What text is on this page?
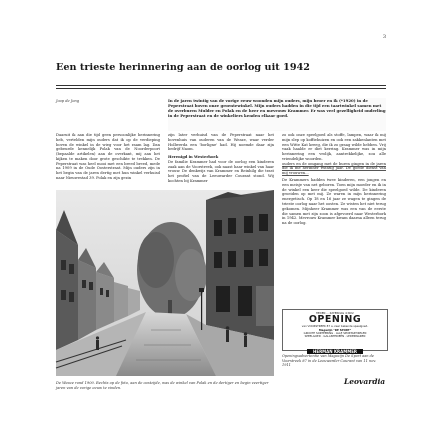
3
Een trieste herinnering aan de oorlog uit 1942
Joop de Jong	In de jaren twintig van de vorige eeuw woonden mijn ouders, mijn broer en ik (*1920) in de Peperstraat boven onze groentewinkel. Mijn ouders hadden in die tijd een taartwinkel samen met de overburen Mulder en Polak en de heer en mevrouw Krammer. Er was veel gezelligheid onderling in de Peperstraat en de winkeliers kenden elkaar goed.

Daaruit ik aan die tijd geen persoonlijke herinnering heb, vertelden mijn ouders dat ik op de verdieping boven de winkel in de wieg voor het raam lag. Dan gebeurde kennelijk Polak van de Noorderpoort (bepaalde artikelen) aan de overkant, mij aan het kijken te maken door grote geschikte te trekken. De Peperstraat was heel mooi met een breed breed, mede na 1909 in de Oude Oosterstraat. Mijn ouders zijn in het begin van de jaren dertig met hun winkel verhuisd naar Nieuwestad 39. Polak en zijn gezin

zijn later verhuisd van de Peperstraat naar het bovenhuis van ouderen van de Weaze, waar verder Hollwerda een 'borligne' had. Hij noemde daar zijn bedrijf Naom.

Herenigd in Westerhoek

De familie Krammer had voor de oorlog een kinderen zaak aan de Voorstreek, ook naast haar winkel van haar vrouw. De denkwijz van Krammer en Reinhilg die trast het profiel van de Leeuwarder Courant stond. Wij kochten bij Krammer

zo ook onze speelgoed als stoffe, lampen, waar ik mij mijn slep op koffiehuizen en ook een zakkenlanten met een Witte Kat kreeg, die ik zo graag wilde hebben. Vrij vaak haalde er diet kerring. Krammer was in mijn herinnering een vrolijk, aantrekkelijke, zou alle vriendelijke woorden.

ouders en de omgang met de buren gingen in de jaren die ik me herinner twintig jaar. De goede dienst van mij vrouwen...

De Krammers hadden twee kinderen, een jongen en een meisje van net geboren. Toen mijn moeder en ik in de winkel een keer die speelgoed wilde. De kinderen groeiden op met mij. Ze waren in mijn herinnering energetisch. Op 18 en 16 jaar ze wagen te gingen de trieste oorlog naar het oosten. Ze wisten het niet terug gekomen. Mijnheer Krammer was een van de eerste die samen met zijn zoon is afgevoerd naar Westerbork in 1942. Mevrouw Krammer kwam daarna alleen terug na de oorlog.

De Weaze rond 1900. Rechts op de foto, aan de oostzijde, was de winkel van Polak en de dertiger en begin veertiger jaren van de vorige eeuw te vinden.
HEDEN ... ZATERDAG 4 NOV.
OPENING
van VOORSTREEK 87 a. zeer bekende speelgoed-
Magazijn "DE SPORT"
GROOTE SORTEERING · ALLE SPORTARTIKELEN
SPEELGOED · GALANTERIEËN · LEDERWAREN
HERMAN KRAMMER
Openingsadvertentie van Magazijn De Sport aan de Voorstreek 87 in de Leeuwarder Courant van 11 nov. 1911
Leovardia
